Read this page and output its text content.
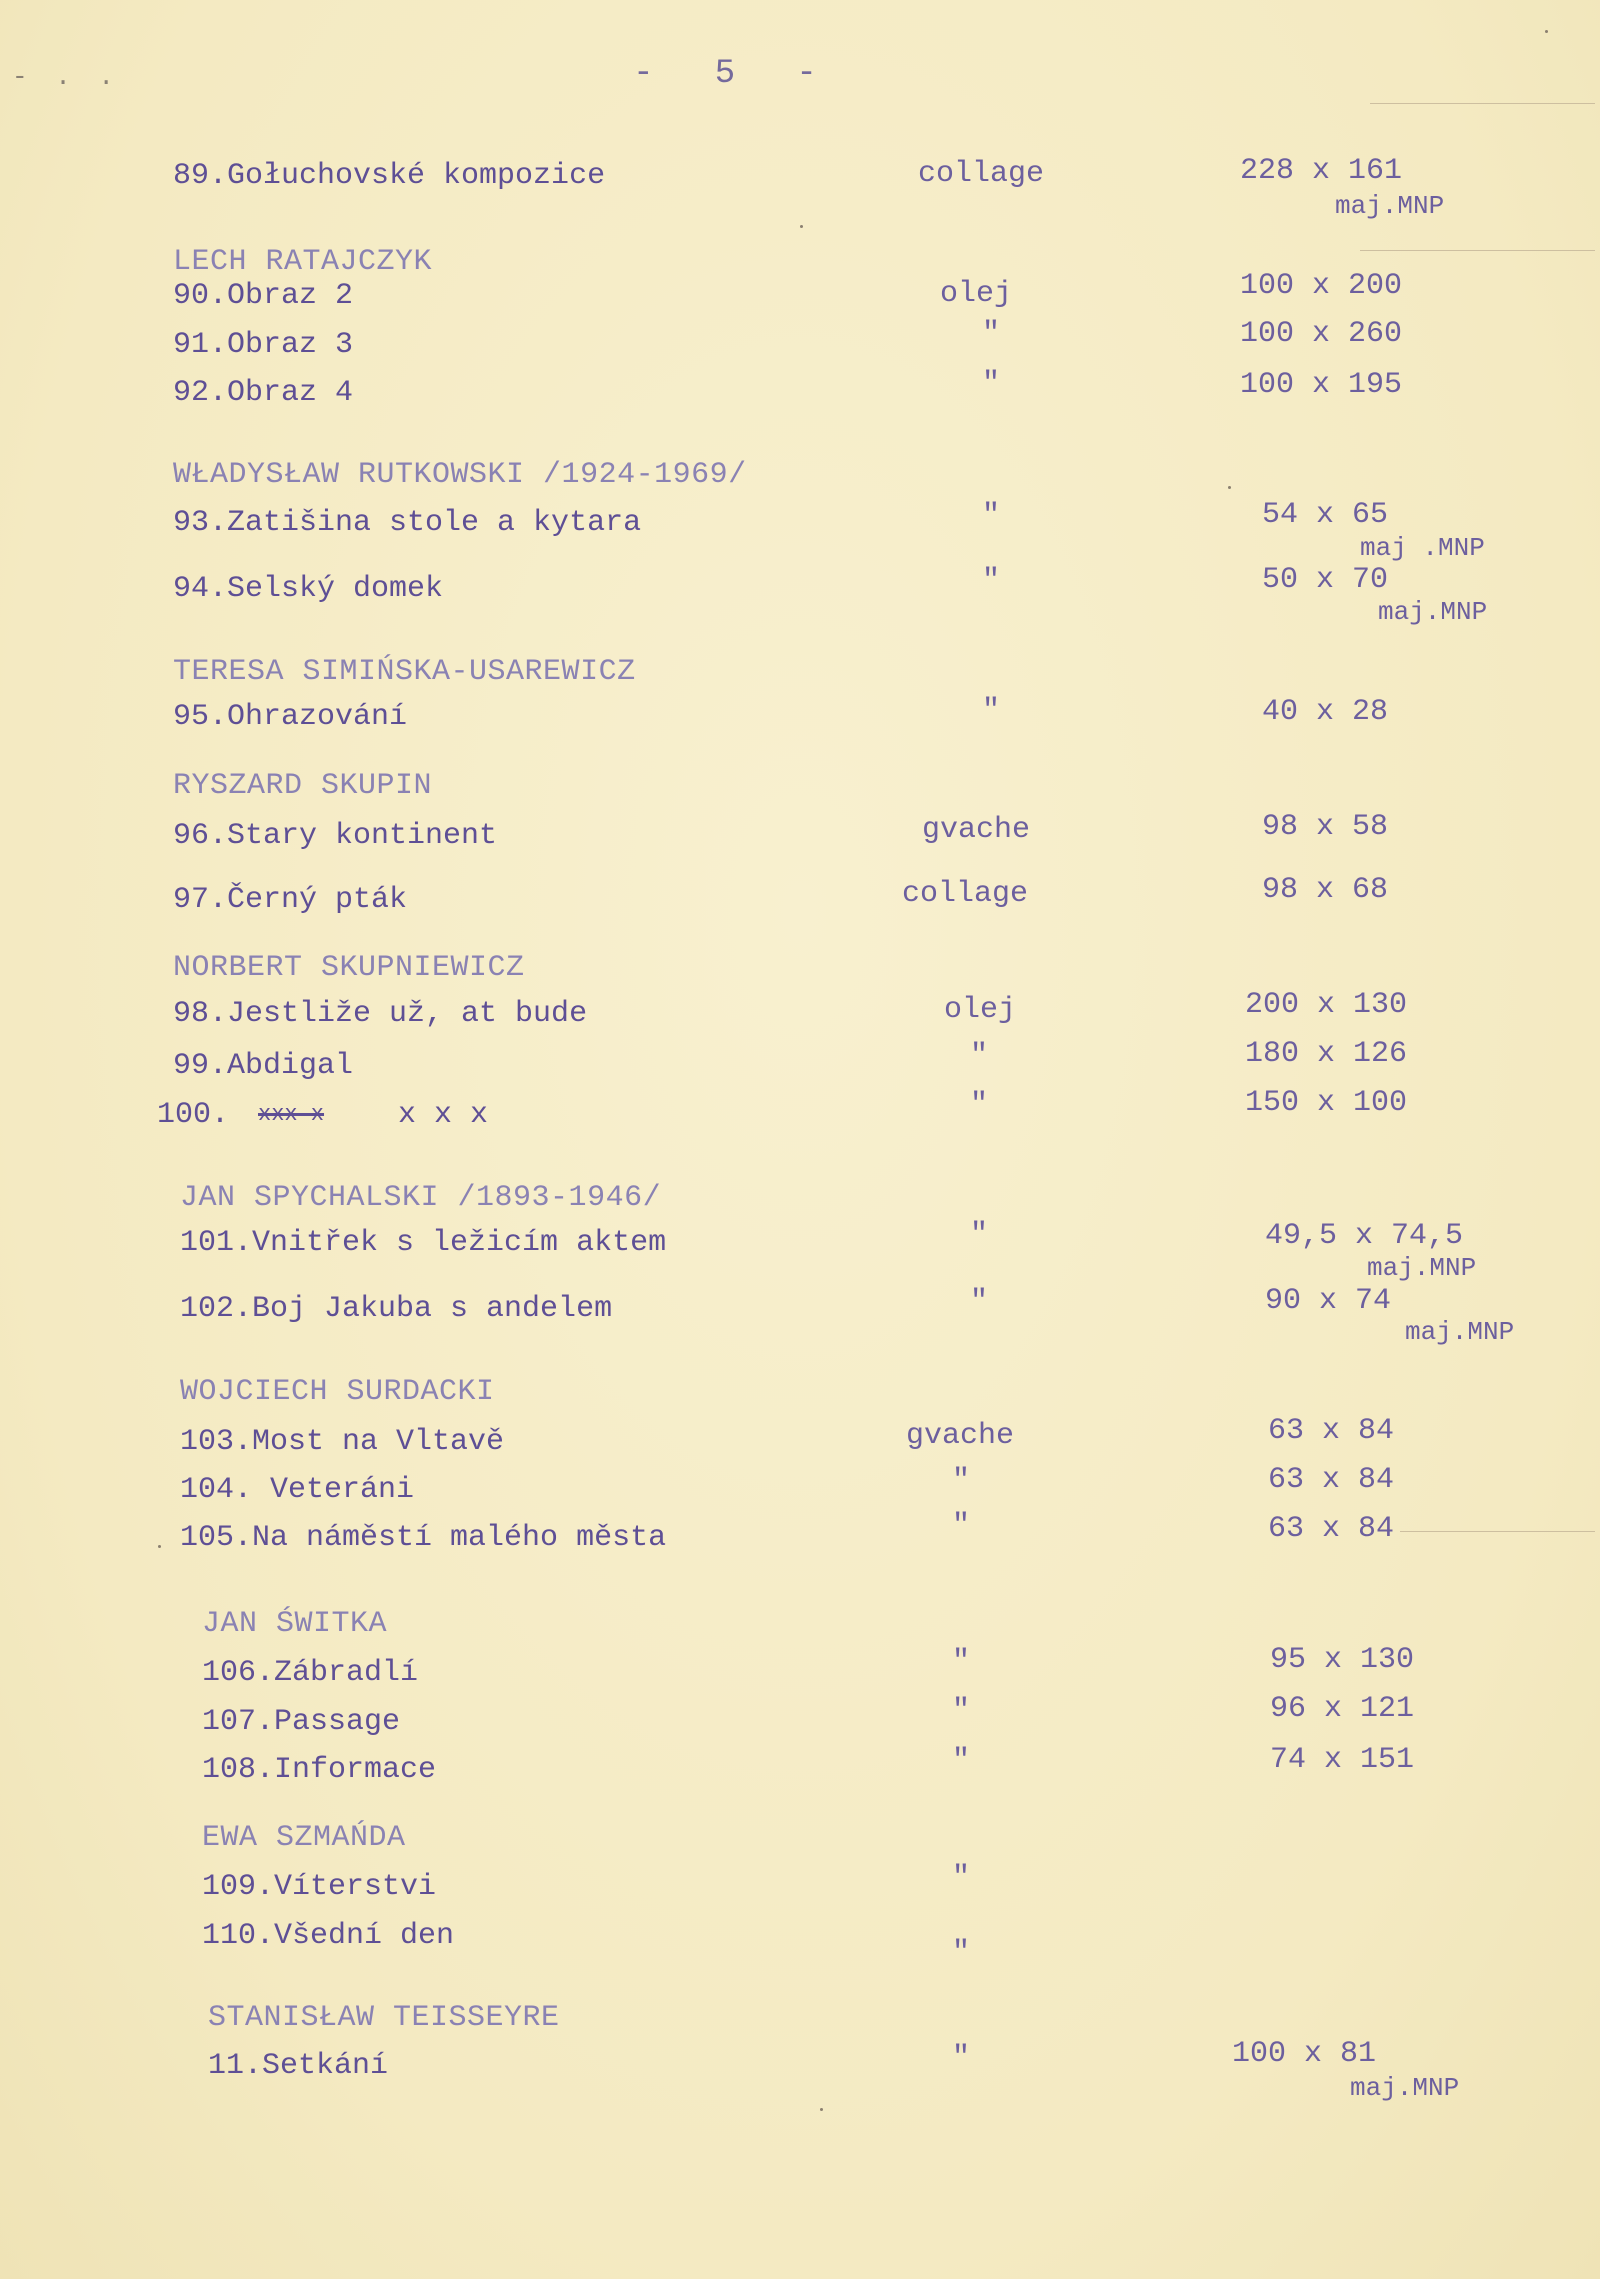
- . .	-   5   -
89.Gołuchovské kompozice	collage	228 x 161
maj.MNP
LECH RATAJCZYK
90.Obraz 2	olej	100 x 200
91.Obraz 3	"	100 x 260
92.Obraz 4	"	100 x 195
WŁADYSŁAW RUTKOWSKI /1924-1969/
93.Zatišina stole a kytara	"	54 x 65
maj .MNP
94.Selský domek	"	50 x 70
maj.MNP
TERESA SIMIŃSKA-USAREWICZ
95.Ohrazování	"	40 x 28
RYSZARD SKUPIN
96.Stary kontinent	gvache	98 x 58
97.Černý pták	collage	98 x 68
NORBERT SKUPNIEWICZ
98.Jestliže už, at bude	olej	200 x 130
99.Abdigal	"	180 x 126
100. xxx-x x x x	"	150 x 100
JAN SPYCHALSKI /1893-1946/
101.Vnitřek s ležicím aktem	"	49,5 x 74,5
maj.MNP
102.Boj Jakuba s andelem	"	90 x 74
maj.MNP
WOJCIECH SURDACKI
103.Most na Vltavě	gvache	63 x 84
104. Veteráni	"	63 x 84
105.Na náměstí malého města	"	63 x 84
JAN ŚWITKA
106.Zábradlí	"	95 x 130
107.Passage	"	96 x 121
108.Informace	"	74 x 151
EWA SZMAŃDA
109.Víterstvi	"
110.Všední den	"
STANISŁAW TEISSEYRE
11.Setkání	"	100 x 81
maj.MNP
